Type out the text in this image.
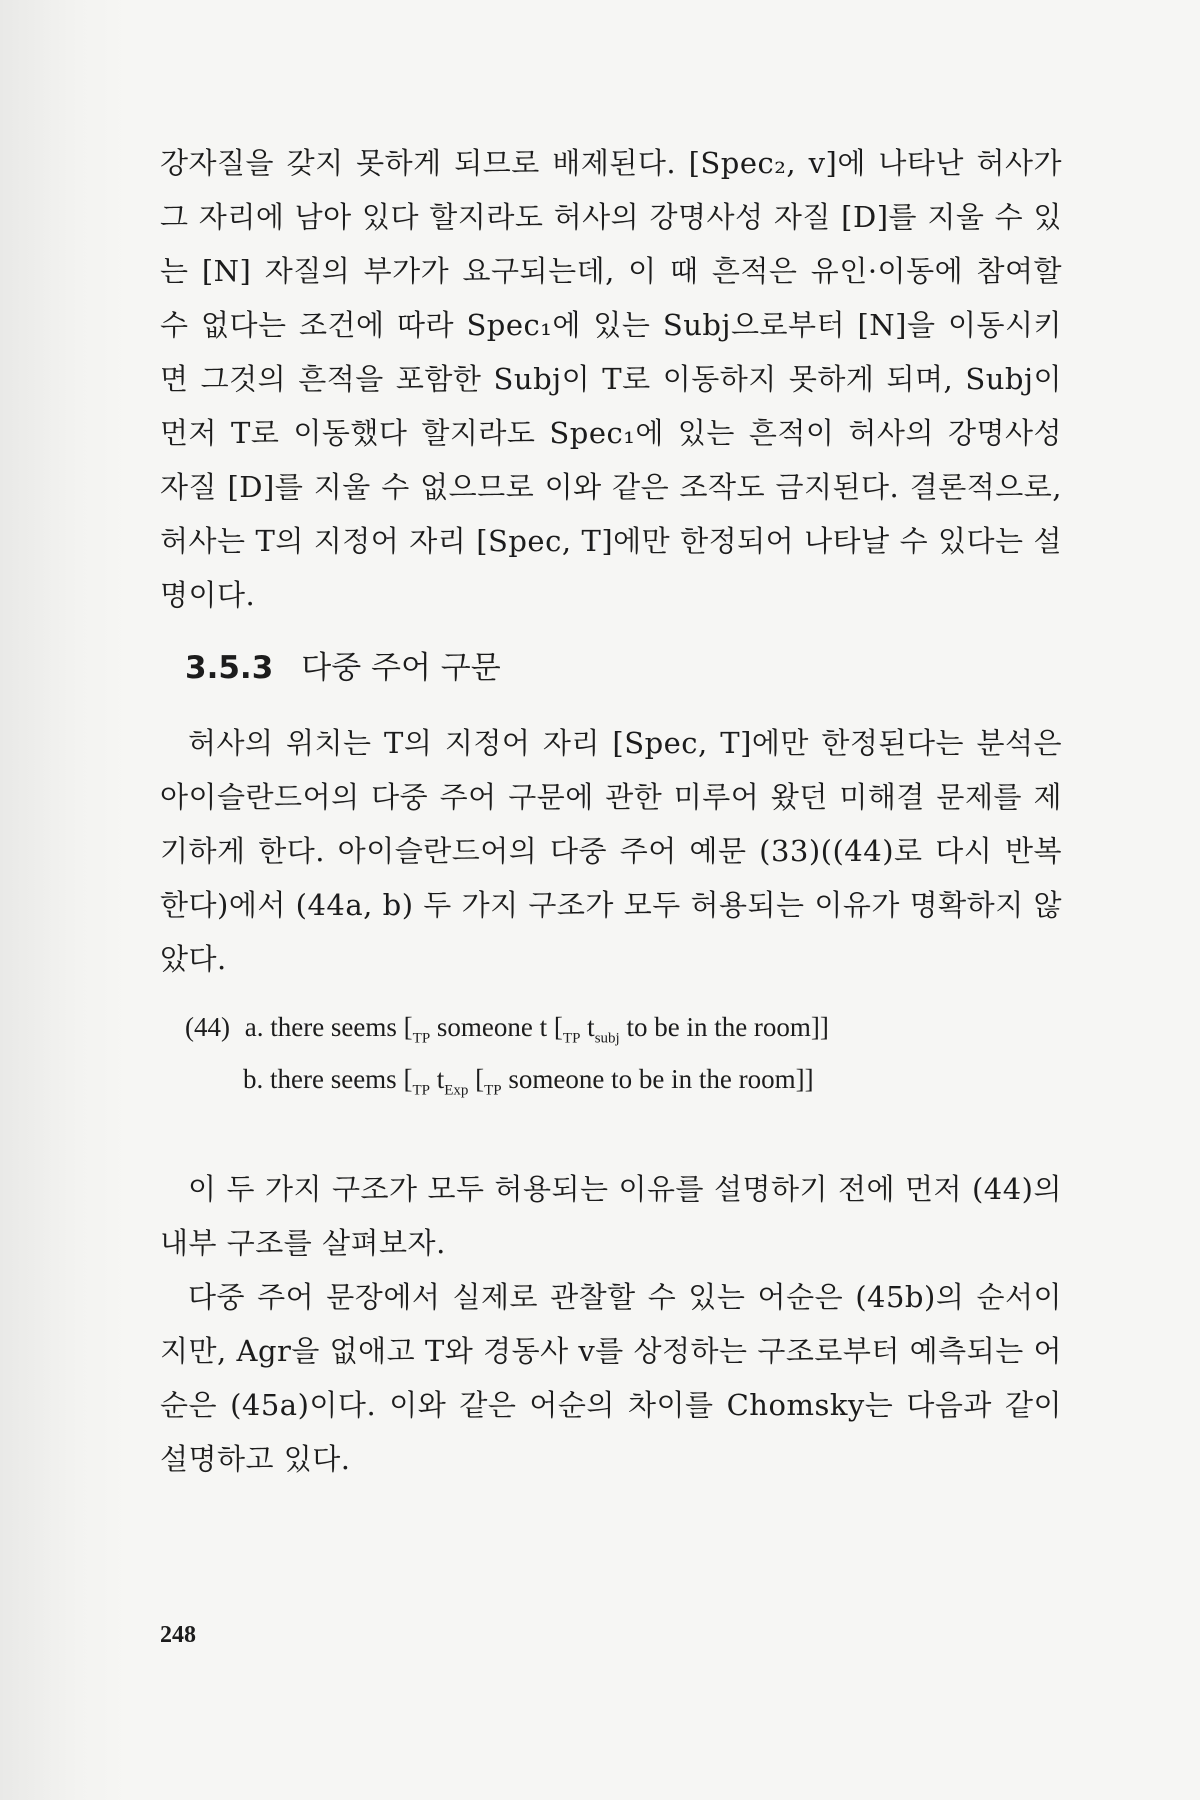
강자질을 갖지 못하게 되므로 배제된다. [Spec₂, v]에 나타난 허사가 그 자리에 남아 있다 할지라도 허사의 강명사성 자질 [D]를 지울 수 있는 [N] 자질의 부가가 요구되는데, 이 때 흔적은 유인·이동에 참여할 수 없다는 조건에 따라 Spec₁에 있는 Subj으로부터 [N]을 이동시키면 그것의 흔적을 포함한 Subj이 T로 이동하지 못하게 되며, Subj이 먼저 T로 이동했다 할지라도 Spec₁에 있는 흔적이 허사의 강명사성 자질 [D]를 지울 수 없으므로 이와 같은 조작도 금지된다. 결론적으로, 허사는 T의 지정어 자리 [Spec, T]에만 한정되어 나타날 수 있다는 설명이다.

3.5.3 다중 주어 구문

허사의 위치는 T의 지정어 자리 [Spec, T]에만 한정된다는 분석은 아이슬란드어의 다중 주어 구문에 관한 미루어 왔던 미해결 문제를 제기하게 한다. 아이슬란드어의 다중 주어 예문 (33)((44)로 다시 반복한다)에서 (44a, b) 두 가지 구조가 모두 허용되는 이유가 명확하지 않았다.

(44) a. there seems [$_{TP}$ someone t [$_{TP}$ $t_{subj}$ to be in the room]]
b. there seems [$_{TP}$ $t_{Exp}$ [$_{TP}$ someone to be in the room]]

이 두 가지 구조가 모두 허용되는 이유를 설명하기 전에 먼저 (44)의 내부 구조를 살펴보자.

다중 주어 문장에서 실제로 관찰할 수 있는 어순은 (45b)의 순서이지만, Agr을 없애고 T와 경동사 v를 상정하는 구조로부터 예측되는 어순은 (45a)이다. 이와 같은 어순의 차이를 Chomsky는 다음과 같이 설명하고 있다.

248
